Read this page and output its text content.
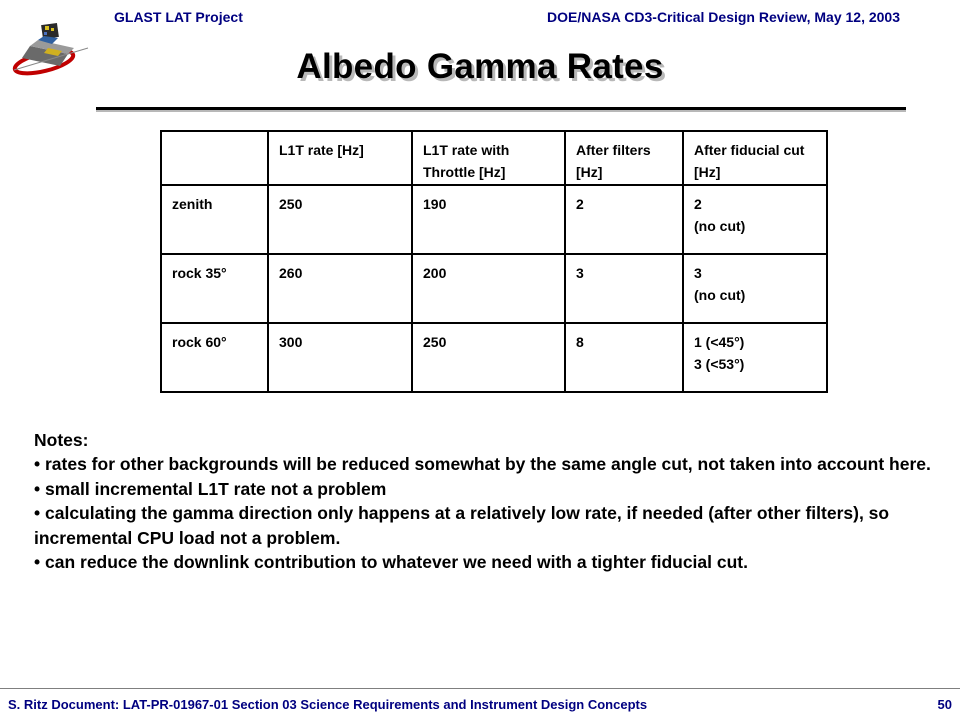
GLAST LAT Project	DOE/NASA CD3-Critical Design Review, May 12, 2003
Albedo Gamma Rates
	L1T rate [Hz]	L1T rate with Throttle [Hz]	After filters [Hz]	After fiducial cut [Hz]
zenith	250	190	2	2
(no cut)

rock 35°	260	200	3	3
(no cut)

rock 60°	300	250	8	1 (<45°)
3 (<53°)
Notes:
• rates for other backgrounds will be reduced somewhat by the same angle cut, not taken into account here.
• small incremental L1T rate not a problem
• calculating the gamma direction only happens at a relatively low rate, if needed (after other filters), so incremental CPU load not a problem.
• can reduce the downlink contribution to whatever we need with a tighter fiducial cut.
S. Ritz Document: LAT-PR-01967-01 Section 03 Science Requirements and Instrument Design Concepts	50
